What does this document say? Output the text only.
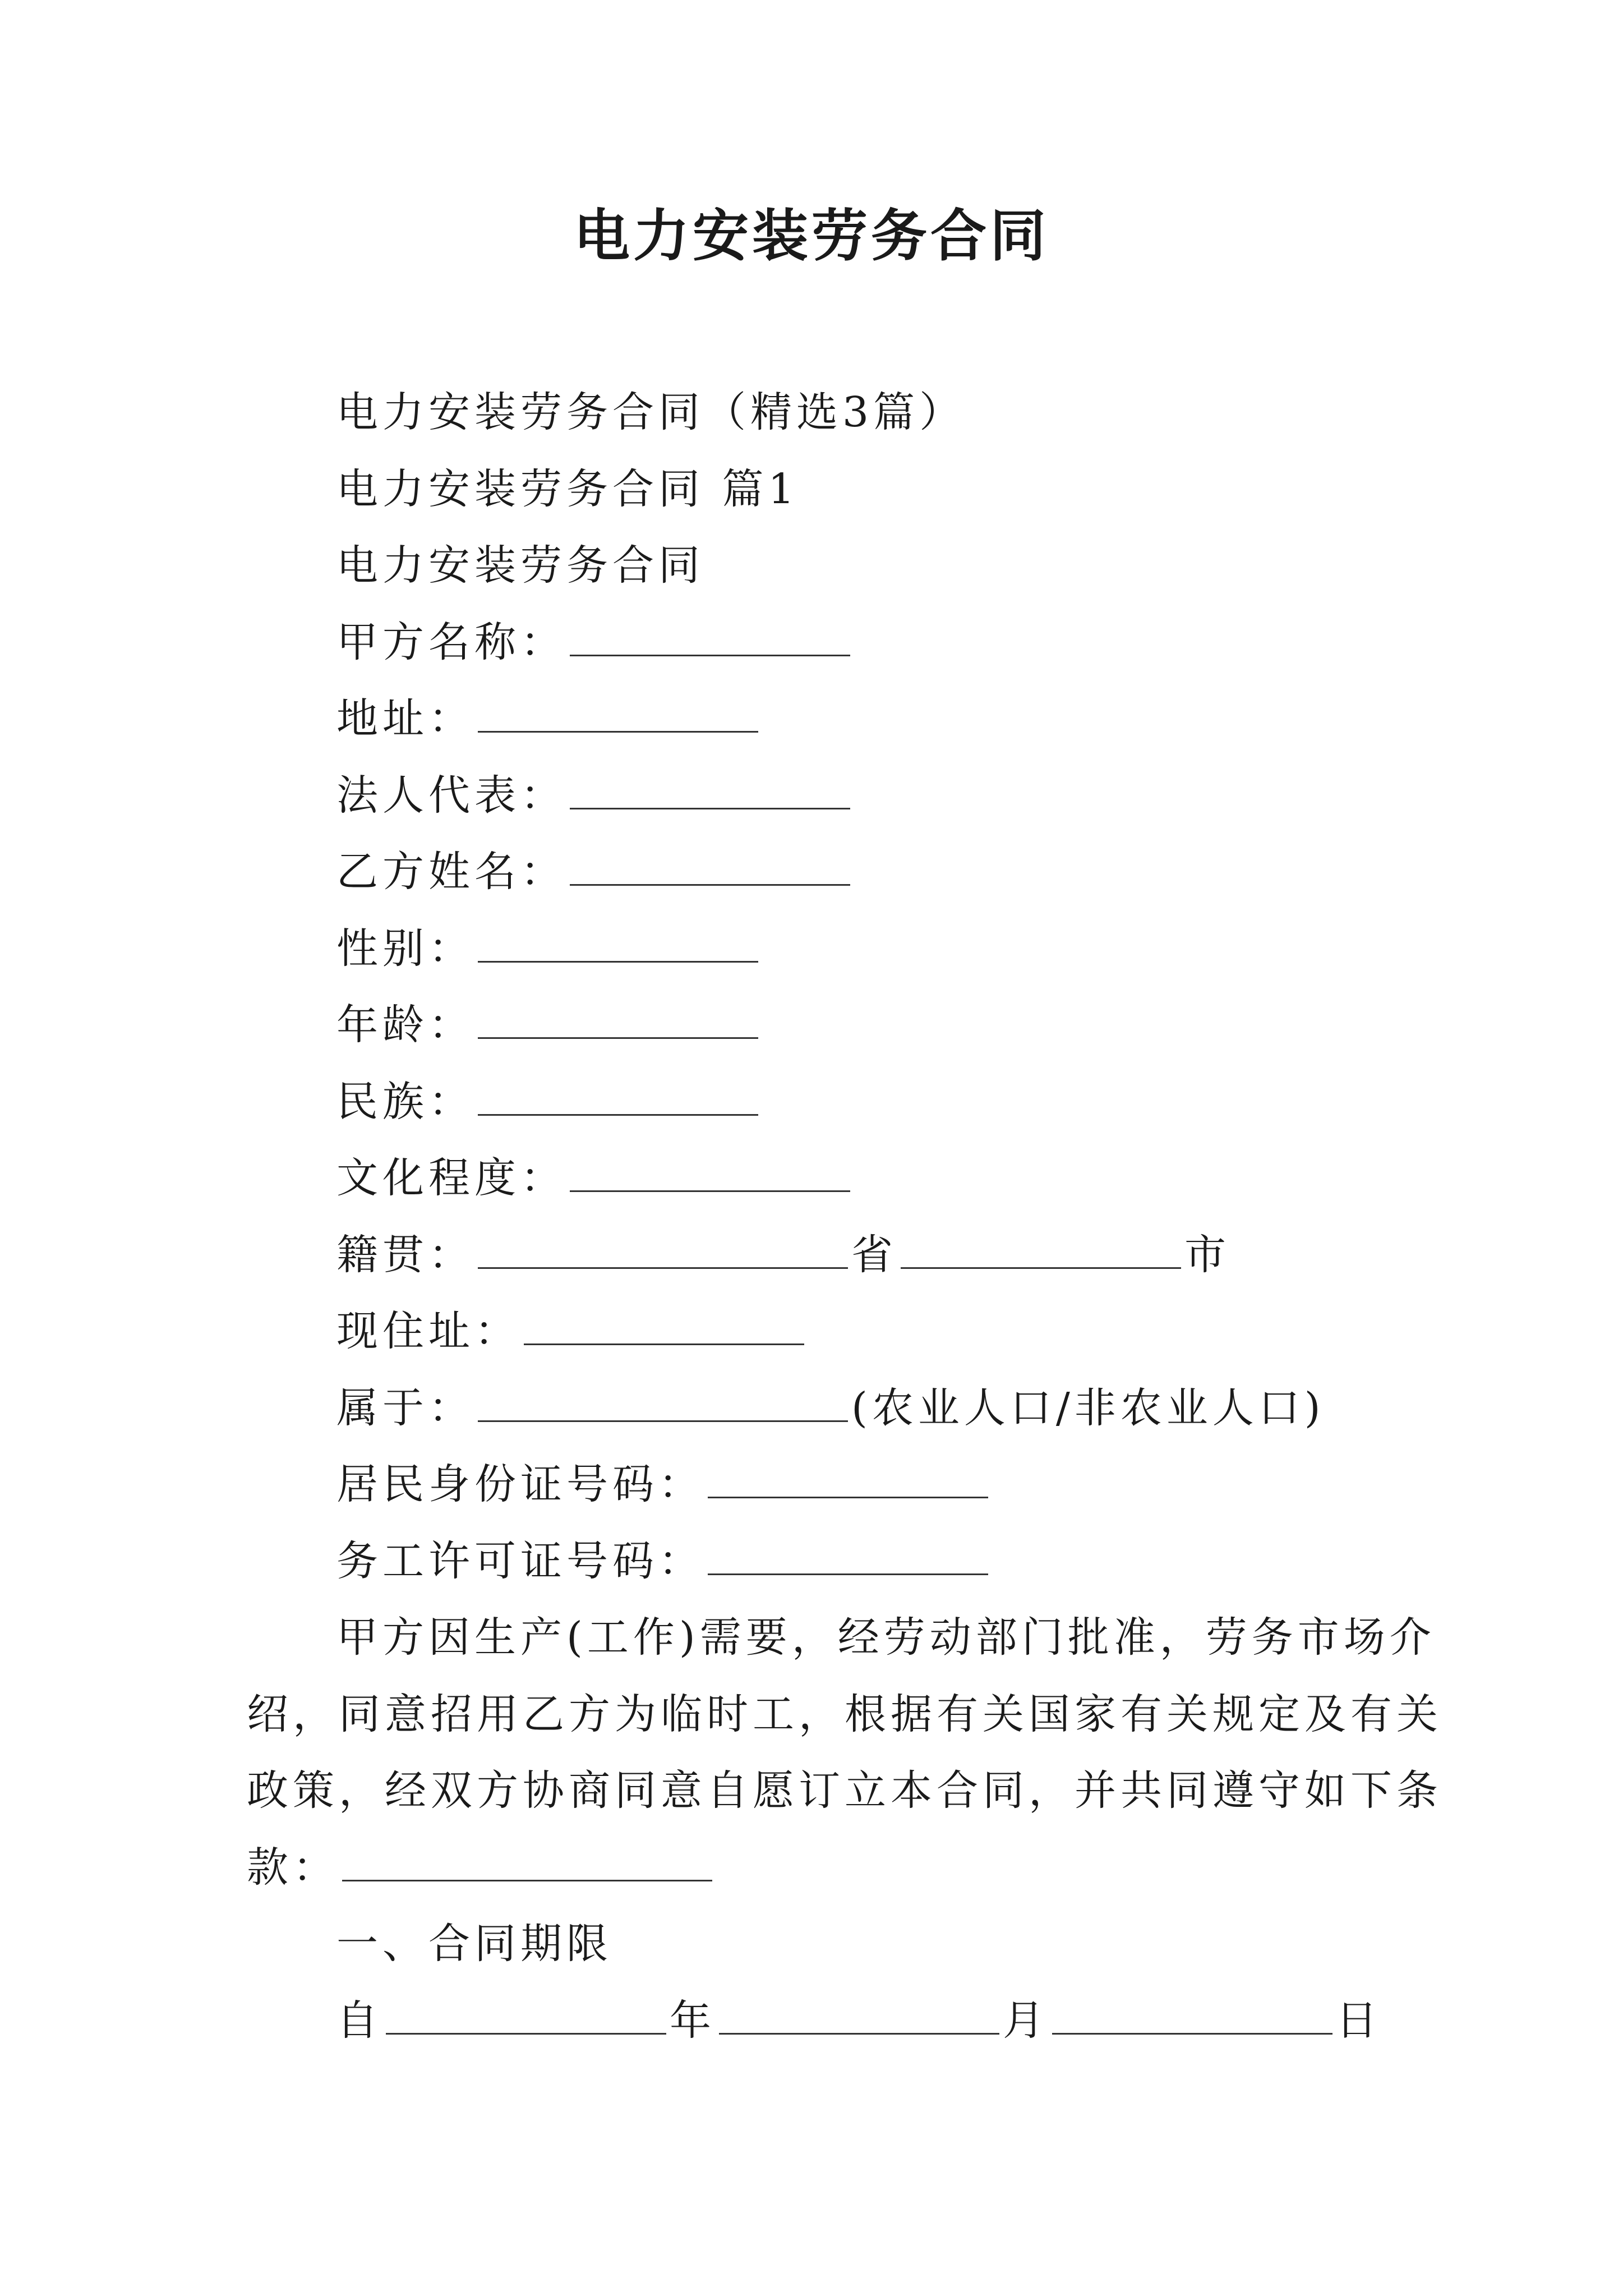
电力安装劳务合同
电力安装劳务合同（精选3篇）
电力安装劳务合同 篇1
电力安装劳务合同
甲方名称：
地址：
法人代表：
乙方姓名：
性别：
年龄：
民族：
文化程度：
籍贯：	省	市
现住址：
属于：	(农业人口/非农业人口)
居民身份证号码：
务工许可证号码：
甲方因生产(工作)需要，经劳动部门批准，劳务市场介
绍，同意招用乙方为临时工，根据有关国家有关规定及有关
政策，经双方协商同意自愿订立本合同，并共同遵守如下条
款：
一、合同期限
自	年	月	日
